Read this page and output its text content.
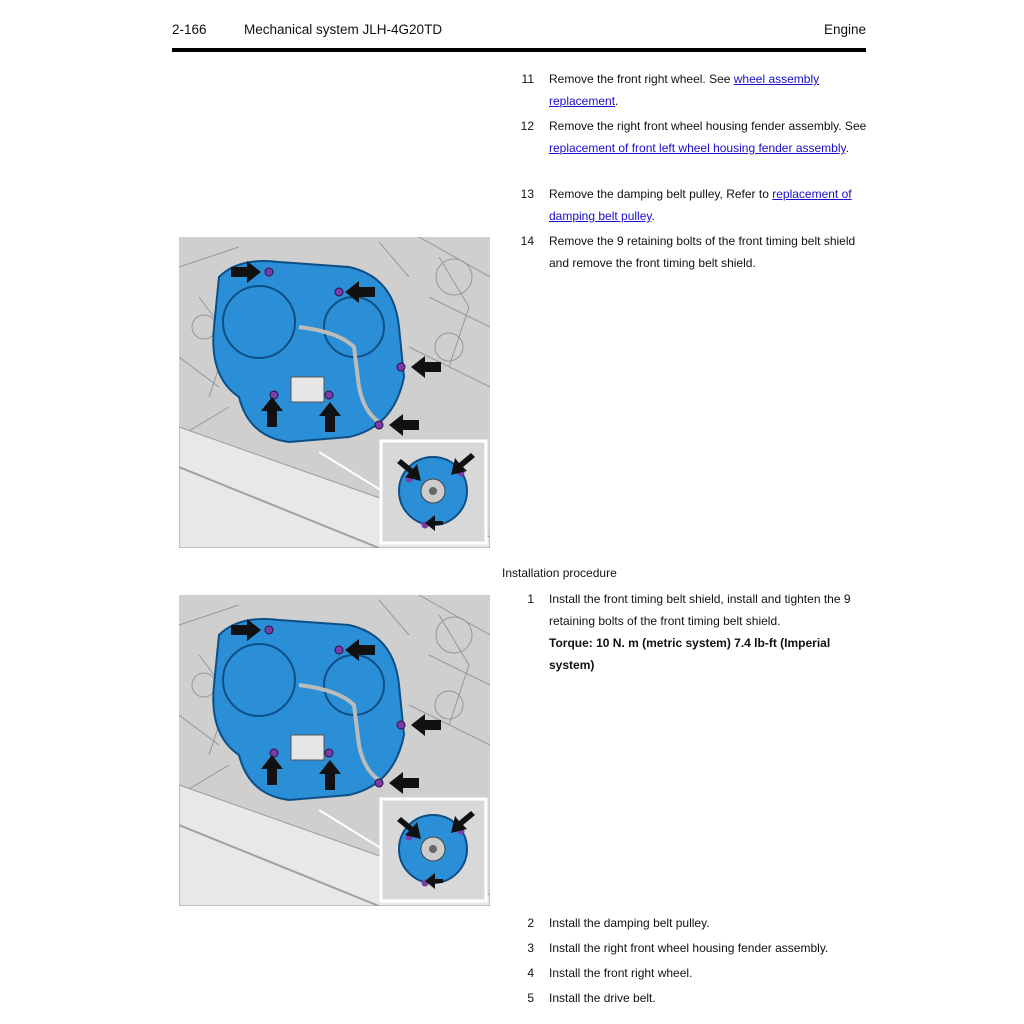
2-166	Mechanical system JLH-4G20TD	Engine
11 Remove the front right wheel. See wheel assembly replacement.
12 Remove the right front wheel housing fender assembly. See replacement of front left wheel housing fender assembly.
13 Remove the damping belt pulley, Refer to replacement of damping belt pulley.
14 Remove the 9 retaining bolts of the front timing belt shield and remove the front timing belt shield.
Installation procedure
1 Install the front timing belt shield, install and tighten the 9 retaining bolts of the front timing belt shield.
Torque: 10 N. m (metric system) 7.4 lb-ft (Imperial system)
2 Install the damping belt pulley.
3 Install the right front wheel housing fender assembly.
4 Install the front right wheel.
5 Install the drive belt.
